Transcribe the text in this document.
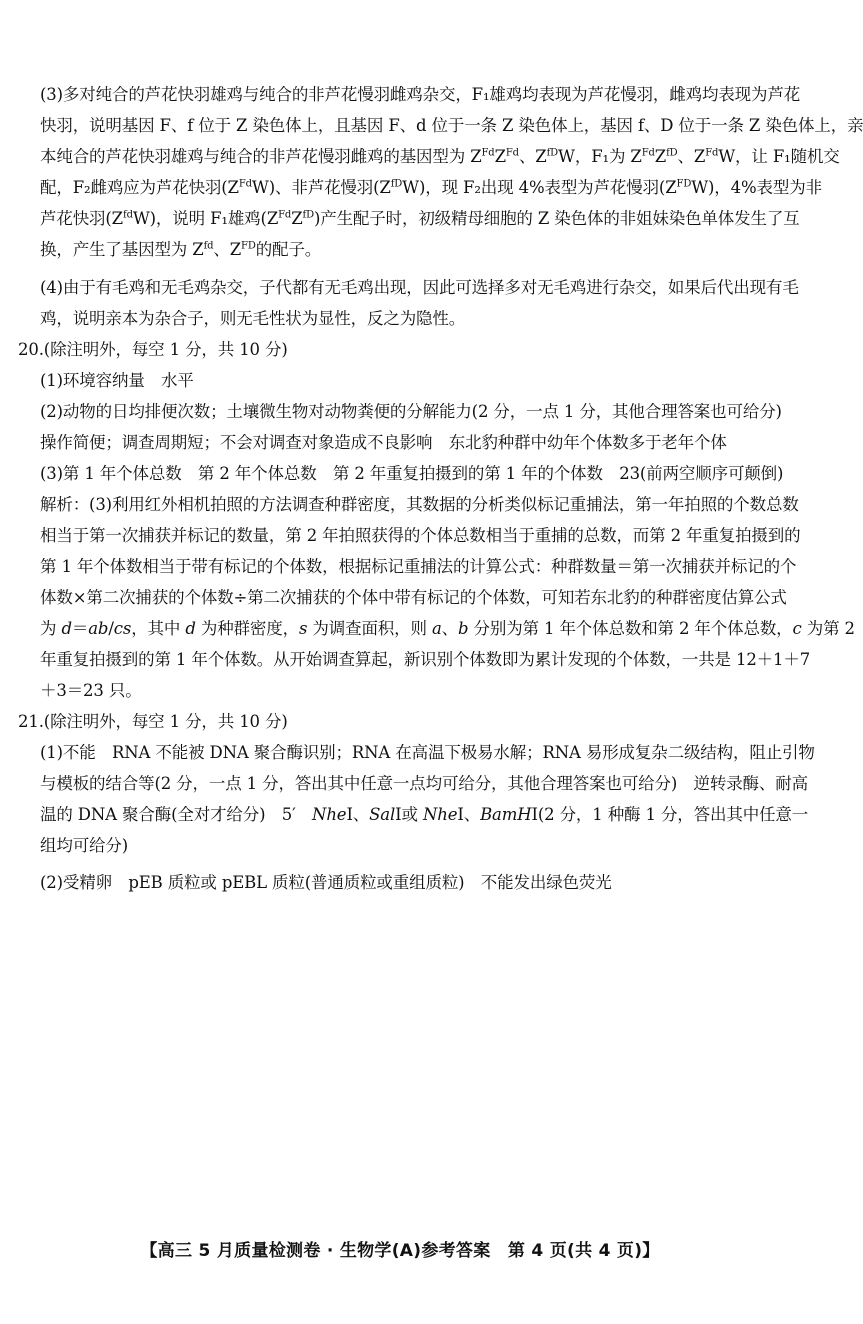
(3)多对纯合的芦花快羽雄鸡与纯合的非芦花慢羽雌鸡杂交，F₁雄鸡均表现为芦花慢羽，雌鸡均表现为芦花
快羽，说明基因 F、f 位于 Z 染色体上，且基因 F、d 位于一条 Z 染色体上，基因 f、D 位于一条 Z 染色体上，亲
本纯合的芦花快羽雄鸡与纯合的非芦花慢羽雌鸡的基因型为 $Z^{Fd}Z^{Fd}$、$Z^{fD}W$，F₁为 $Z^{Fd}Z^{fD}$、$Z^{Fd}W$，让 F₁随机交
配，F₂雌鸡应为芦花快羽$(Z^{Fd}W)$、非芦花慢羽$(Z^{fD}W)$，现 F₂出现 4%表型为芦花慢羽$(Z^{FD}W)$，4%表型为非
芦花快羽$(Z^{fd}W)$，说明 F₁雄鸡$(Z^{Fd}Z^{fD})$产生配子时，初级精母细胞的 Z 染色体的非姐妹染色单体发生了互
换，产生了基因型为 $Z^{fd}$、$Z^{FD}$的配子。
(4)由于有毛鸡和无毛鸡杂交，子代都有无毛鸡出现，因此可选择多对无毛鸡进行杂交，如果后代出现有毛
鸡，说明亲本为杂合子，则无毛性状为显性，反之为隐性。
20.(除注明外，每空 1 分，共 10 分)
(1)环境容纳量　水平
(2)动物的日均排便次数；土壤微生物对动物粪便的分解能力(2 分，一点 1 分，其他合理答案也可给分)
操作简便；调查周期短；不会对调查对象造成不良影响　东北豹种群中幼年个体数多于老年个体
(3)第 1 年个体总数　第 2 年个体总数　第 2 年重复拍摄到的第 1 年的个体数　23(前两空顺序可颠倒)
解析：(3)利用红外相机拍照的方法调查种群密度，其数据的分析类似标记重捕法，第一年拍照的个数总数
相当于第一次捕获并标记的数量，第 2 年拍照获得的个体总数相当于重捕的总数，而第 2 年重复拍摄到的
第 1 年个体数相当于带有标记的个体数，根据标记重捕法的计算公式：种群数量＝第一次捕获并标记的个
体数×第二次捕获的个体数÷第二次捕获的个体中带有标记的个体数，可知若东北豹的种群密度估算公式
为 d＝ab/cs，其中 d 为种群密度，s 为调查面积，则 a、b 分别为第 1 年个体总数和第 2 年个体总数，c 为第 2
年重复拍摄到的第 1 年个体数。从开始调查算起，新识别个体数即为累计发现的个体数，一共是 12＋1＋7
＋3＝23 只。
21.(除注明外，每空 1 分，共 10 分)
(1)不能　RNA 不能被 DNA 聚合酶识别；RNA 在高温下极易水解；RNA 易形成复杂二级结构，阻止引物
与模板的结合等(2 分，一点 1 分，答出其中任意一点均可给分，其他合理答案也可给分)　逆转录酶、耐高
温的 DNA 聚合酶(全对才给分)　5′　NheⅠ、SalⅠ或 NheⅠ、BamHⅠ(2 分，1 种酶 1 分，答出其中任意一
组均可给分)
(2)受精卵　pEB 质粒或 pEBL 质粒(普通质粒或重组质粒)　不能发出绿色荧光
【高三 5 月质量检测卷 · 生物学(A)参考答案　第 4 页(共 4 页)】
